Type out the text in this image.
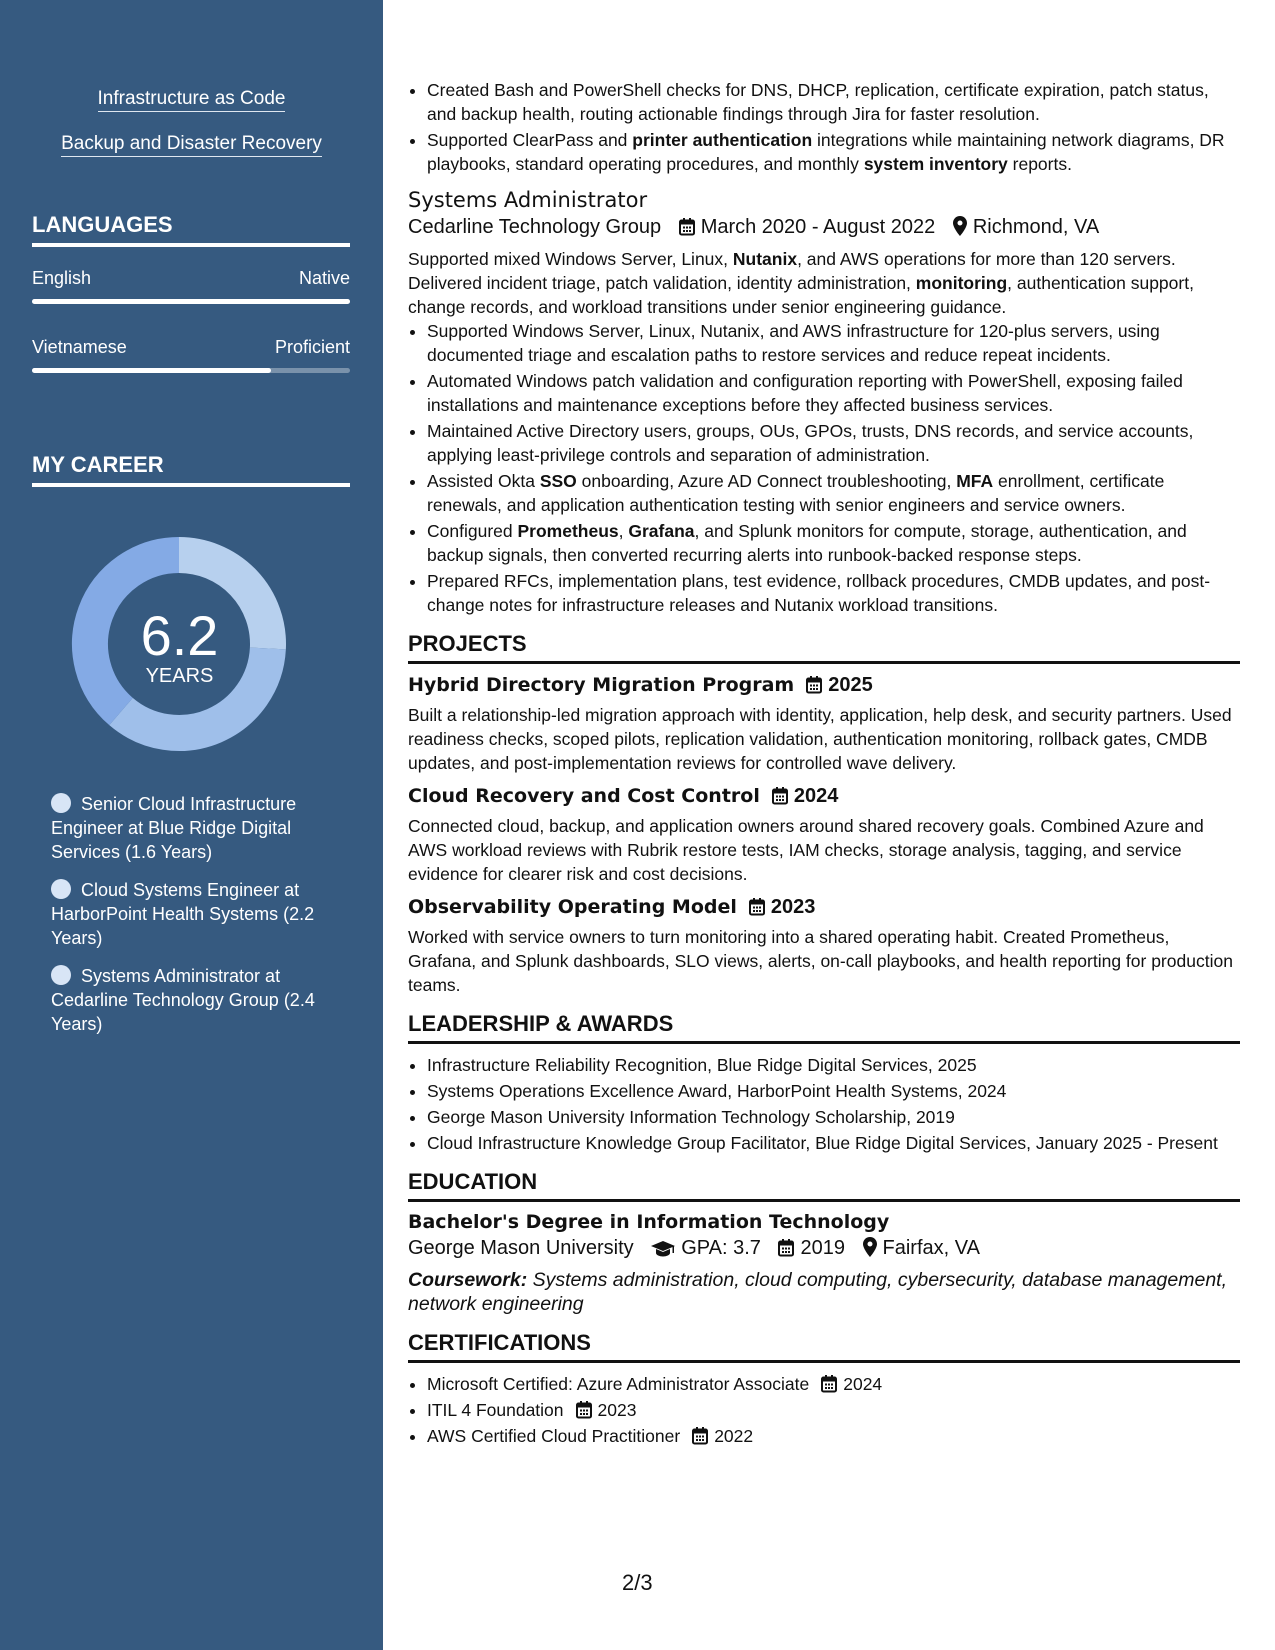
Infrastructure as Code
Backup and Disaster Recovery
LANGUAGES
English	Native
Vietnamese	Proficient
MY CAREER
6.2
YEARS
Senior Cloud Infrastructure Engineer at Blue Ridge Digital Services (1.6 Years)
Cloud Systems Engineer at HarborPoint Health Systems (2.2 Years)
Systems Administrator at Cedarline Technology Group (2.4 Years)
• Created Bash and PowerShell checks for DNS, DHCP, replication, certificate expiration, patch status, and backup health, routing actionable findings through Jira for faster resolution.
• Supported ClearPass and printer authentication integrations while maintaining network diagrams, DR playbooks, standard operating procedures, and monthly system inventory reports.
Systems Administrator
Cedarline Technology Group March 2020 - August 2022 Richmond, VA
Supported mixed Windows Server, Linux, Nutanix, and AWS operations for more than 120 servers. Delivered incident triage, patch validation, identity administration, monitoring, authentication support, change records, and workload transitions under senior engineering guidance.
• Supported Windows Server, Linux, Nutanix, and AWS infrastructure for 120-plus servers, using documented triage and escalation paths to restore services and reduce repeat incidents.
• Automated Windows patch validation and configuration reporting with PowerShell, exposing failed installations and maintenance exceptions before they affected business services.
• Maintained Active Directory users, groups, OUs, GPOs, trusts, DNS records, and service accounts, applying least-privilege controls and separation of administration.
• Assisted Okta SSO onboarding, Azure AD Connect troubleshooting, MFA enrollment, certificate renewals, and application authentication testing with senior engineers and service owners.
• Configured Prometheus, Grafana, and Splunk monitors for compute, storage, authentication, and backup signals, then converted recurring alerts into runbook-backed response steps.
• Prepared RFCs, implementation plans, test evidence, rollback procedures, CMDB updates, and post-change notes for infrastructure releases and Nutanix workload transitions.
PROJECTS
Hybrid Directory Migration Program 2025
Built a relationship-led migration approach with identity, application, help desk, and security partners. Used readiness checks, scoped pilots, replication validation, authentication monitoring, rollback gates, CMDB updates, and post-implementation reviews for controlled wave delivery.
Cloud Recovery and Cost Control 2024
Connected cloud, backup, and application owners around shared recovery goals. Combined Azure and AWS workload reviews with Rubrik restore tests, IAM checks, storage analysis, tagging, and service evidence for clearer risk and cost decisions.
Observability Operating Model 2023
Worked with service owners to turn monitoring into a shared operating habit. Created Prometheus, Grafana, and Splunk dashboards, SLO views, alerts, on-call playbooks, and health reporting for production teams.
LEADERSHIP & AWARDS
• Infrastructure Reliability Recognition, Blue Ridge Digital Services, 2025
• Systems Operations Excellence Award, HarborPoint Health Systems, 2024
• George Mason University Information Technology Scholarship, 2019
• Cloud Infrastructure Knowledge Group Facilitator, Blue Ridge Digital Services, January 2025 - Present
EDUCATION
Bachelor's Degree in Information Technology
George Mason University GPA: 3.7 2019 Fairfax, VA
Coursework: Systems administration, cloud computing, cybersecurity, database management, network engineering
CERTIFICATIONS
• Microsoft Certified: Azure Administrator Associate 2024
• ITIL 4 Foundation 2023
• AWS Certified Cloud Practitioner 2022
2/3
